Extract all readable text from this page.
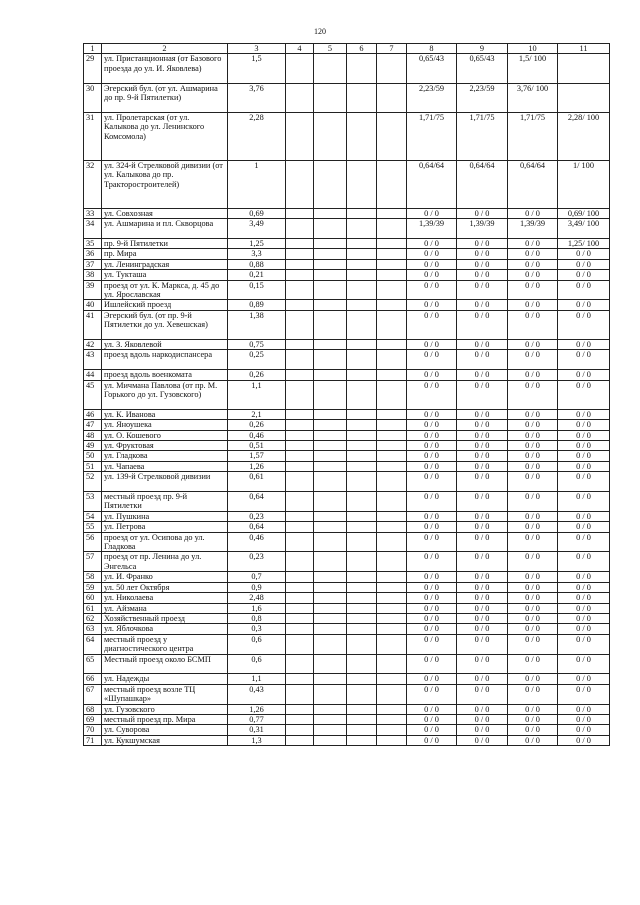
120
1	2	3	4	5	6	7	8	9	10	11
29	ул. Пристанционная (от Базового проезда до ул. И. Яковлева)	1,5					0,65/43	0,65/43	1,5/ 100	
30	Эгерский бул. (от ул. Ашмарина до пр. 9-й Пятилетки)	3,76					2,23/59	2,23/59	3,76/ 100	
31	ул. Пролетарская (от ул. Калыкова до ул. Ленинского Комсомола)	2,28					1,71/75	1,71/75	1,71/75	2,28/ 100
32	ул. 324-й Стрелковой дивизии (от ул. Калыкова до пр. Тракторостроителей)	1					0,64/64	0,64/64	0,64/64	1/ 100
33	ул. Совхозная	0,69					0 / 0	0 / 0	0 / 0	0,69/ 100
34	ул. Ашмарина и пл. Скворцова	3,49					1,39/39	1,39/39	1,39/39	3,49/ 100
35	пр. 9-й Пятилетки	1,25					0 / 0	0 / 0	0 / 0	1,25/ 100
36	пр. Мира	3,3					0 / 0	0 / 0	0 / 0	0 / 0
37	ул. Ленинградская	0,88					0 / 0	0 / 0	0 / 0	0 / 0
38	ул. Тукташа	0,21					0 / 0	0 / 0	0 / 0	0 / 0
39	проезд от ул. К. Маркса, д. 45 до ул. Ярославская	0,15					0 / 0	0 / 0	0 / 0	0 / 0
40	Ишлейский проезд	0,89					0 / 0	0 / 0	0 / 0	0 / 0
41	Эгерский бул. (от пр. 9-й Пятилетки до ул. Хевешская)	1,38					0 / 0	0 / 0	0 / 0	0 / 0
42	ул. З. Яковлевой	0,75					0 / 0	0 / 0	0 / 0	0 / 0
43	проезд вдоль наркодиспансера	0,25					0 / 0	0 / 0	0 / 0	0 / 0
44	проезд вдоль военкомата	0,26					0 / 0	0 / 0	0 / 0	0 / 0
45	ул. Мичмана Павлова (от пр. М. Горького до ул. Гузовского)	1,1					0 / 0	0 / 0	0 / 0	0 / 0
46	ул. К. Иванова	2,1					0 / 0	0 / 0	0 / 0	0 / 0
47	ул. Яноушека	0,26					0 / 0	0 / 0	0 / 0	0 / 0
48	ул. О. Кошевого	0,46					0 / 0	0 / 0	0 / 0	0 / 0
49	ул. Фруктовая	0,51					0 / 0	0 / 0	0 / 0	0 / 0
50	ул. Гладкова	1,57					0 / 0	0 / 0	0 / 0	0 / 0
51	ул. Чапаева	1,26					0 / 0	0 / 0	0 / 0	0 / 0
52	ул. 139-й Стрелковой дивизии	0,61					0 / 0	0 / 0	0 / 0	0 / 0
53	местный проезд пр. 9-й Пятилетки	0,64					0 / 0	0 / 0	0 / 0	0 / 0
54	ул. Пушкина	0,23					0 / 0	0 / 0	0 / 0	0 / 0
55	ул. Петрова	0,64					0 / 0	0 / 0	0 / 0	0 / 0
56	проезд от ул. Осипова до ул. Гладкова	0,46					0 / 0	0 / 0	0 / 0	0 / 0
57	проезд от пр. Ленина до ул. Энгельса	0,23					0 / 0	0 / 0	0 / 0	0 / 0
58	ул. И. Франко	0,7					0 / 0	0 / 0	0 / 0	0 / 0
59	ул. 50 лет Октября	0,9					0 / 0	0 / 0	0 / 0	0 / 0
60	ул. Николаева	2,48					0 / 0	0 / 0	0 / 0	0 / 0
61	ул. Айзмана	1,6					0 / 0	0 / 0	0 / 0	0 / 0
62	Хозяйственный проезд	0,8					0 / 0	0 / 0	0 / 0	0 / 0
63	ул. Яблочкова	0,3					0 / 0	0 / 0	0 / 0	0 / 0
64	местный проезд у диагностического центра	0,6					0 / 0	0 / 0	0 / 0	0 / 0
65	Местный проезд около БСМП	0,6					0 / 0	0 / 0	0 / 0	0 / 0
66	ул. Надежды	1,1					0 / 0	0 / 0	0 / 0	0 / 0
67	местный проезд возле ТЦ «Шупашкар»	0,43					0 / 0	0 / 0	0 / 0	0 / 0
68	ул. Гузовского	1,26					0 / 0	0 / 0	0 / 0	0 / 0
69	местный проезд пр. Мира	0,77					0 / 0	0 / 0	0 / 0	0 / 0
70	ул. Суворова	0,31					0 / 0	0 / 0	0 / 0	0 / 0
71	ул. Кукшумская	1,3					0 / 0	0 / 0	0 / 0	0 / 0
